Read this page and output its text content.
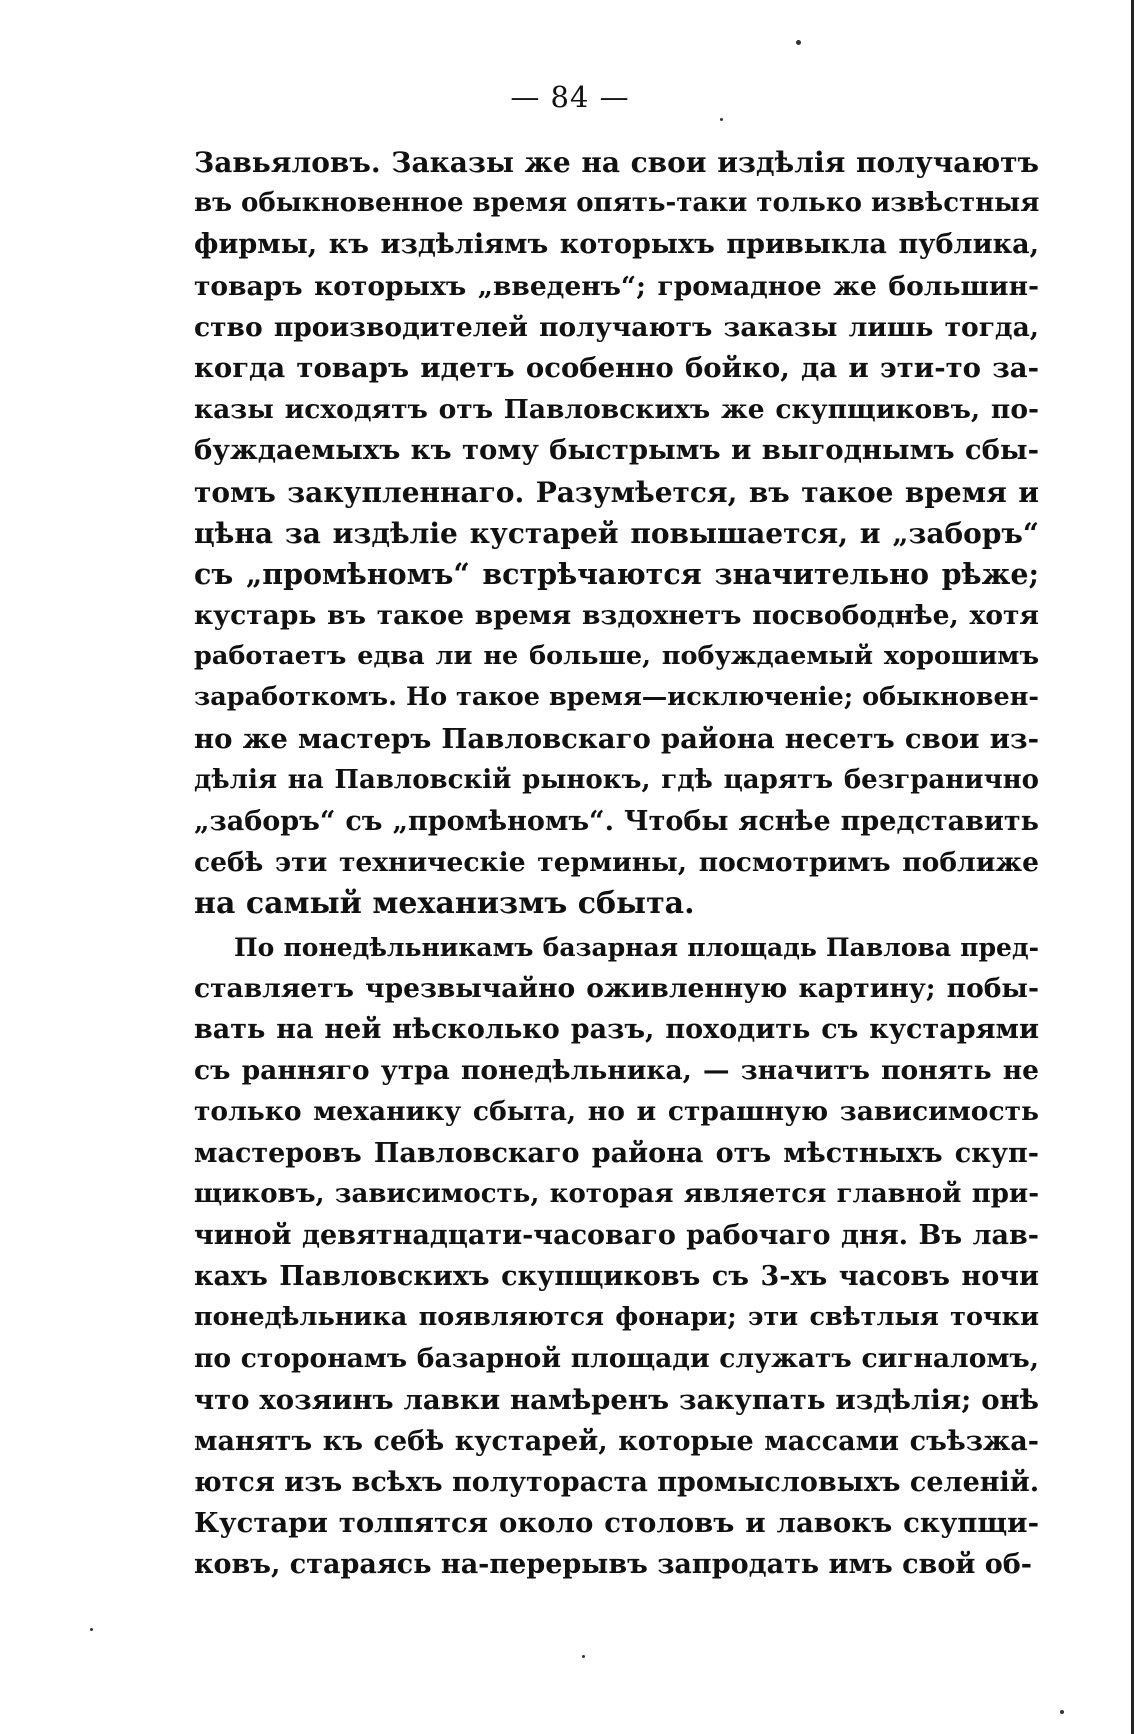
— 84 —
Завьяловъ. Заказы же на свои издѣлія получаютъ
въ обыкновенное время опять-таки только извѣстныя
фирмы, къ издѣліямъ которыхъ привыкла публика,
товаръ которыхъ „введенъ“; громадное же большин-
ство производителей получаютъ заказы лишь тогда,
когда товаръ идетъ особенно бойко, да и эти-то за-
казы исходятъ отъ Павловскихъ же скупщиковъ, по-
буждаемыхъ къ тому быстрымъ и выгоднымъ сбы-
томъ закупленнаго. Разумѣется, въ такое время и
цѣна за издѣліе кустарей повышается, и „заборъ“
съ „промѣномъ“ встрѣчаются значительно рѣже;
кустарь въ такое время вздохнетъ посвободнѣе, хотя
работаетъ едва ли не больше, побуждаемый хорошимъ
заработкомъ. Но такое время—исключеніе; обыкновен-
но же мастеръ Павловскаго района несетъ свои из-
дѣлія на Павловскій рынокъ, гдѣ царятъ безгранично
„заборъ“ съ „промѣномъ“. Чтобы яснѣе представить
себѣ эти техническіе термины, посмотримъ поближе
на самый механизмъ сбыта.
По понедѣльникамъ базарная площадь Павлова пред-
ставляетъ чрезвычайно оживленную картину; побы-
вать на ней нѣсколько разъ, походить съ кустарями
съ ранняго утра понедѣльника, — значитъ понять не
только механику сбыта, но и страшную зависимость
мастеровъ Павловскаго района отъ мѣстныхъ скуп-
щиковъ, зависимость, которая является главной при-
чиной девятнадцати-часоваго рабочаго дня. Въ лав-
кахъ Павловскихъ скупщиковъ съ 3-хъ часовъ ночи
понедѣльника появляются фонари; эти свѣтлыя точки
по сторонамъ базарной площади служатъ сигналомъ,
что хозяинъ лавки намѣренъ закупать издѣлія; онѣ
манятъ къ себѣ кустарей, которые массами съѣзжа-
ются изъ всѣхъ полутораста промысловыхъ селеній.
Кустари толпятся около столовъ и лавокъ скупщи-
ковъ, стараясь на-перерывъ запродать имъ свой об-
